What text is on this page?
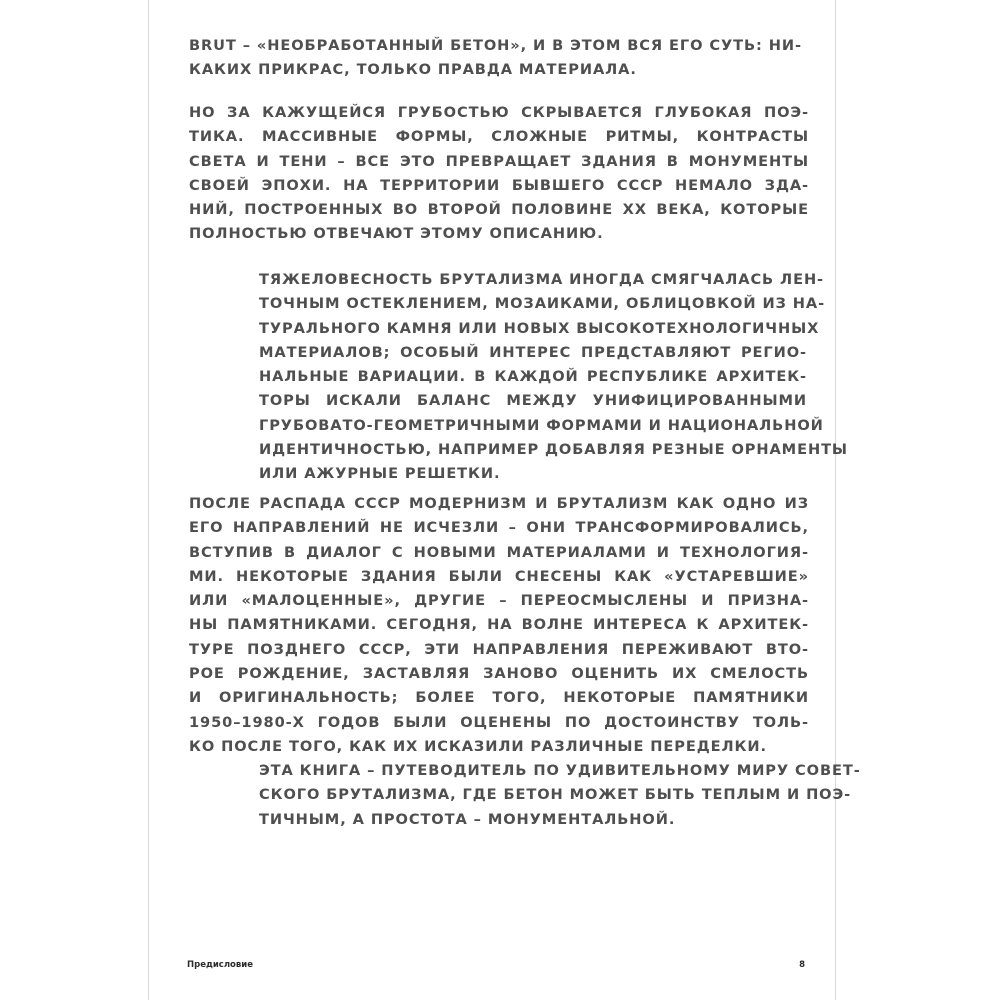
BRUT – «НЕОБРАБОТАННЫЙ БЕТОН», И В ЭТОМ ВСЯ ЕГО СУТЬ: НИ-
КАКИХ ПРИКРАС, ТОЛЬКО ПРАВДА МАТЕРИАЛА.
НО ЗА КАЖУЩЕЙСЯ ГРУБОСТЬЮ СКРЫВАЕТСЯ ГЛУБОКАЯ ПОЭ-
ТИКА. МАССИВНЫЕ ФОРМЫ, СЛОЖНЫЕ РИТМЫ, КОНТРАСТЫ
СВЕТА И ТЕНИ – ВСЕ ЭТО ПРЕВРАЩАЕТ ЗДАНИЯ В МОНУМЕНТЫ
СВОЕЙ ЭПОХИ. НА ТЕРРИТОРИИ БЫВШЕГО СССР НЕМАЛО ЗДА-
НИЙ, ПОСТРОЕННЫХ ВО ВТОРОЙ ПОЛОВИНЕ XX ВЕКА, КОТОРЫЕ
ПОЛНОСТЬЮ ОТВЕЧАЮТ ЭТОМУ ОПИСАНИЮ.
ТЯЖЕЛОВЕСНОСТЬ БРУТАЛИЗМА ИНОГДА СМЯГЧАЛАСЬ ЛЕН-
ТОЧНЫМ ОСТЕКЛЕНИЕМ, МОЗАИКАМИ, ОБЛИЦОВКОЙ ИЗ НА-
ТУРАЛЬНОГО КАМНЯ ИЛИ НОВЫХ ВЫСОКОТЕХНОЛОГИЧНЫХ
МАТЕРИАЛОВ; ОСОБЫЙ ИНТЕРЕС ПРЕДСТАВЛЯЮТ РЕГИО-
НАЛЬНЫЕ ВАРИАЦИИ. В КАЖДОЙ РЕСПУБЛИКЕ АРХИТЕК-
ТОРЫ ИСКАЛИ БАЛАНС МЕЖДУ УНИФИЦИРОВАННЫМИ
ГРУБОВАТО-ГЕОМЕТРИЧНЫМИ ФОРМАМИ И НАЦИОНАЛЬНОЙ
ИДЕНТИЧНОСТЬЮ, НАПРИМЕР ДОБАВЛЯЯ РЕЗНЫЕ ОРНАМЕНТЫ
ИЛИ АЖУРНЫЕ РЕШЕТКИ.
ПОСЛЕ РАСПАДА СССР МОДЕРНИЗМ И БРУТАЛИЗМ КАК ОДНО ИЗ
ЕГО НАПРАВЛЕНИЙ НЕ ИСЧЕЗЛИ – ОНИ ТРАНСФОРМИРОВАЛИСЬ,
ВСТУПИВ В ДИАЛОГ С НОВЫМИ МАТЕРИАЛАМИ И ТЕХНОЛОГИЯ-
МИ. НЕКОТОРЫЕ ЗДАНИЯ БЫЛИ СНЕСЕНЫ КАК «УСТАРЕВШИЕ»
ИЛИ «МАЛОЦЕННЫЕ», ДРУГИЕ – ПЕРЕОСМЫСЛЕНЫ И ПРИЗНА-
НЫ ПАМЯТНИКАМИ. СЕГОДНЯ, НА ВОЛНЕ ИНТЕРЕСА К АРХИТЕК-
ТУРЕ ПОЗДНЕГО СССР, ЭТИ НАПРАВЛЕНИЯ ПЕРЕЖИВАЮТ ВТО-
РОЕ РОЖДЕНИЕ, ЗАСТАВЛЯЯ ЗАНОВО ОЦЕНИТЬ ИХ СМЕЛОСТЬ
И ОРИГИНАЛЬНОСТЬ; БОЛЕЕ ТОГО, НЕКОТОРЫЕ ПАМЯТНИКИ
1950–1980-Х ГОДОВ БЫЛИ ОЦЕНЕНЫ ПО ДОСТОИНСТВУ ТОЛЬ-
КО ПОСЛЕ ТОГО, КАК ИХ ИСКАЗИЛИ РАЗЛИЧНЫЕ ПЕРЕДЕЛКИ.
ЭТА КНИГА – ПУТЕВОДИТЕЛЬ ПО УДИВИТЕЛЬНОМУ МИРУ СОВЕТ-
СКОГО БРУТАЛИЗМА, ГДЕ БЕТОН МОЖЕТ БЫТЬ ТЕПЛЫМ И ПОЭ-
ТИЧНЫМ, А ПРОСТОТА – МОНУМЕНТАЛЬНОЙ.
Предисловие	8
